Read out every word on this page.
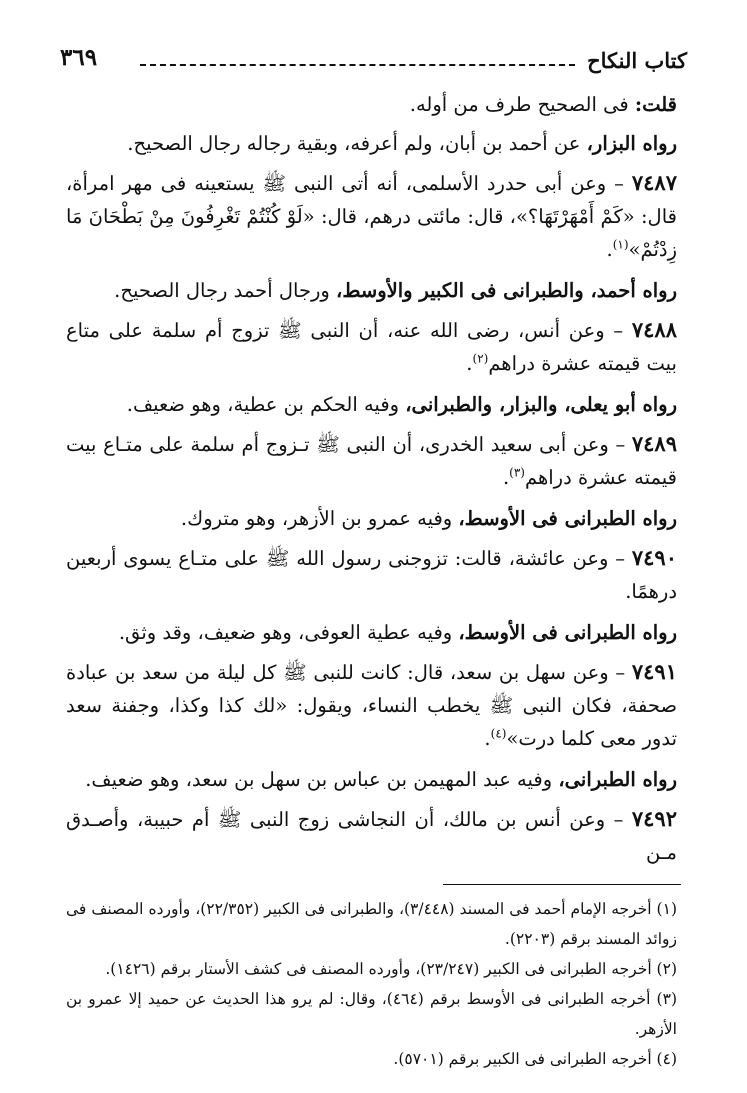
كتاب النكاح
٣٦٩

قلت: فى الصحيح طرف من أوله.

رواه البزار، عن أحمد بن أبان، ولم أعرفه، وبقية رجاله رجال الصحيح.

٧٤٨٧ – وعن أبى حدرد الأسلمى، أنه أتى النبى ﷺ يستعينه فى مهر امرأة، قال: «كَمْ أَمْهَرْتَهَا؟»، قال: مائتى درهم، قال: «لَوْ كُنْتُمْ تَغْرِفُونَ مِنْ بَطْحَانَ مَا زِدْتُمْ»$^{(١)}$.

رواه أحمد، والطبرانى فى الكبير والأوسط، ورجال أحمد رجال الصحيح.

٧٤٨٨ – وعن أنس، رضى الله عنه، أن النبى ﷺ تزوج أم سلمة على متاع بيت قيمته عشرة دراهم$^{(٢)}$.

رواه أبو يعلى، والبزار، والطبرانى، وفيه الحكم بن عطية، وهو ضعيف.

٧٤٨٩ – وعن أبى سعيد الخدرى، أن النبى ﷺ تـزوج أم سلمة على متـاع بيت قيمته عشرة دراهم$^{(٣)}$.

رواه الطبرانى فى الأوسط، وفيه عمرو بن الأزهر، وهو متروك.

٧٤٩٠ – وعن عائشة، قالت: تزوجنى رسول الله ﷺ على متـاع يسوى أربعين درهمًا.

رواه الطبرانى فى الأوسط، وفيه عطية العوفى، وهو ضعيف، وقد وثق.

٧٤٩١ – وعن سهل بن سعد، قال: كانت للنبى ﷺ كل ليلة من سعد بن عبادة صحفة، فكان النبى ﷺ يخطب النساء، ويقول: «لك كذا وكذا، وجفنة سعد تدور معى كلما درت»$^{(٤)}$.

رواه الطبرانى، وفيه عبد المهيمن بن عباس بن سهل بن سعد، وهو ضعيف.

٧٤٩٢ – وعن أنس بن مالك، أن النجاشى زوج النبى ﷺ أم حبيبة، وأصـدق مـن

(١) أخرجه الإمام أحمد فى المسند (٣/٤٤٨)، والطبرانى فى الكبير (٢٢/٣٥٢)، وأورده المصنف فى زوائد المسند برقم (٢٢٠٣).

(٢) أخرجه الطبرانى فى الكبير (٢٣/٢٤٧)، وأورده المصنف فى كشف الأستار برقم (١٤٢٦).

(٣) أخرجه الطبرانى فى الأوسط برقم (٤٦٤)، وقال: لم يرو هذا الحديث عن حميد إلا عمرو بن الأزهر.

(٤) أخرجه الطبرانى فى الكبير برقم (٥٧٠١).
